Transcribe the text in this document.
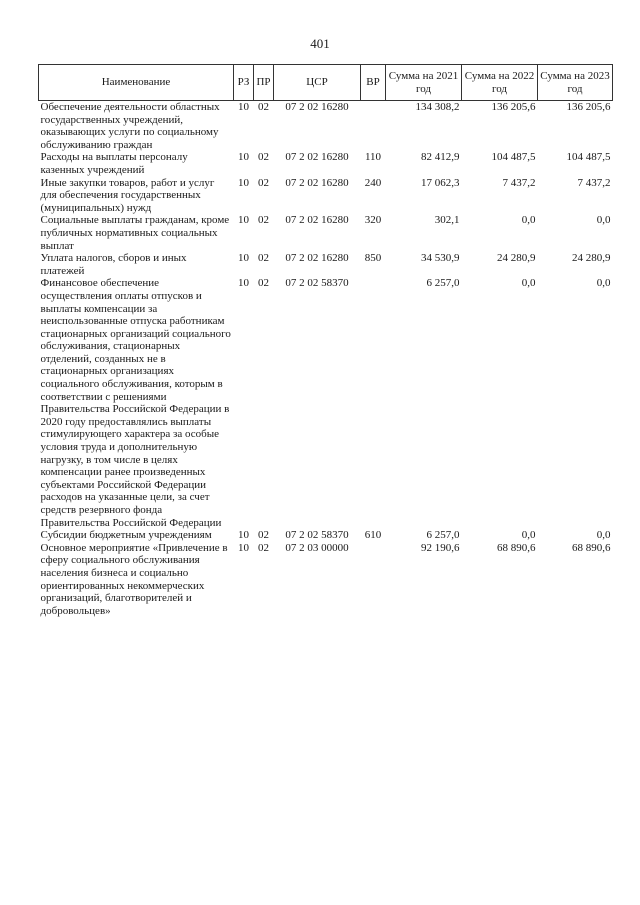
401
Наименование	РЗ	ПР	ЦСР	ВР	Сумма на 2021 год	Сумма на 2022 год	Сумма на 2023 год
Обеспечение деятельности областных государственных учреждений, оказывающих услуги по социальному обслуживанию граждан	10	02	07 2 02 16280		134 308,2	136 205,6	136 205,6
Расходы на выплаты персоналу казенных учреждений	10	02	07 2 02 16280	110	82 412,9	104 487,5	104 487,5
Иные закупки товаров, работ и услуг для обеспечения государственных (муниципальных) нужд	10	02	07 2 02 16280	240	17 062,3	7 437,2	7 437,2
Социальные выплаты гражданам, кроме публичных нормативных социальных выплат	10	02	07 2 02 16280	320	302,1	0,0	0,0
Уплата налогов, сборов и иных платежей	10	02	07 2 02 16280	850	34 530,9	24 280,9	24 280,9
Финансовое обеспечение осуществления оплаты отпусков и выплаты компенсации за неиспользованные отпуска работникам стационарных организаций социального обслуживания, стационарных отделений, созданных не в стационарных организациях социального обслуживания, которым в соответствии с решениями Правительства Российской Федерации в 2020 году предоставлялись выплаты стимулирующего характера за особые условия труда и дополнительную нагрузку, в том числе в целях компенсации ранее произведенных субъектами Российской Федерации расходов на указанные цели, за счет средств резервного фонда Правительства Российской Федерации	10	02	07 2 02 58370		6 257,0	0,0	0,0
Субсидии бюджетным учреждениям	10	02	07 2 02 58370	610	6 257,0	0,0	0,0
Основное мероприятие «Привлечение в сферу социального обслуживания населения бизнеса и социально ориентированных некоммерческих организаций, благотворителей и добровольцев»	10	02	07 2 03 00000		92 190,6	68 890,6	68 890,6
